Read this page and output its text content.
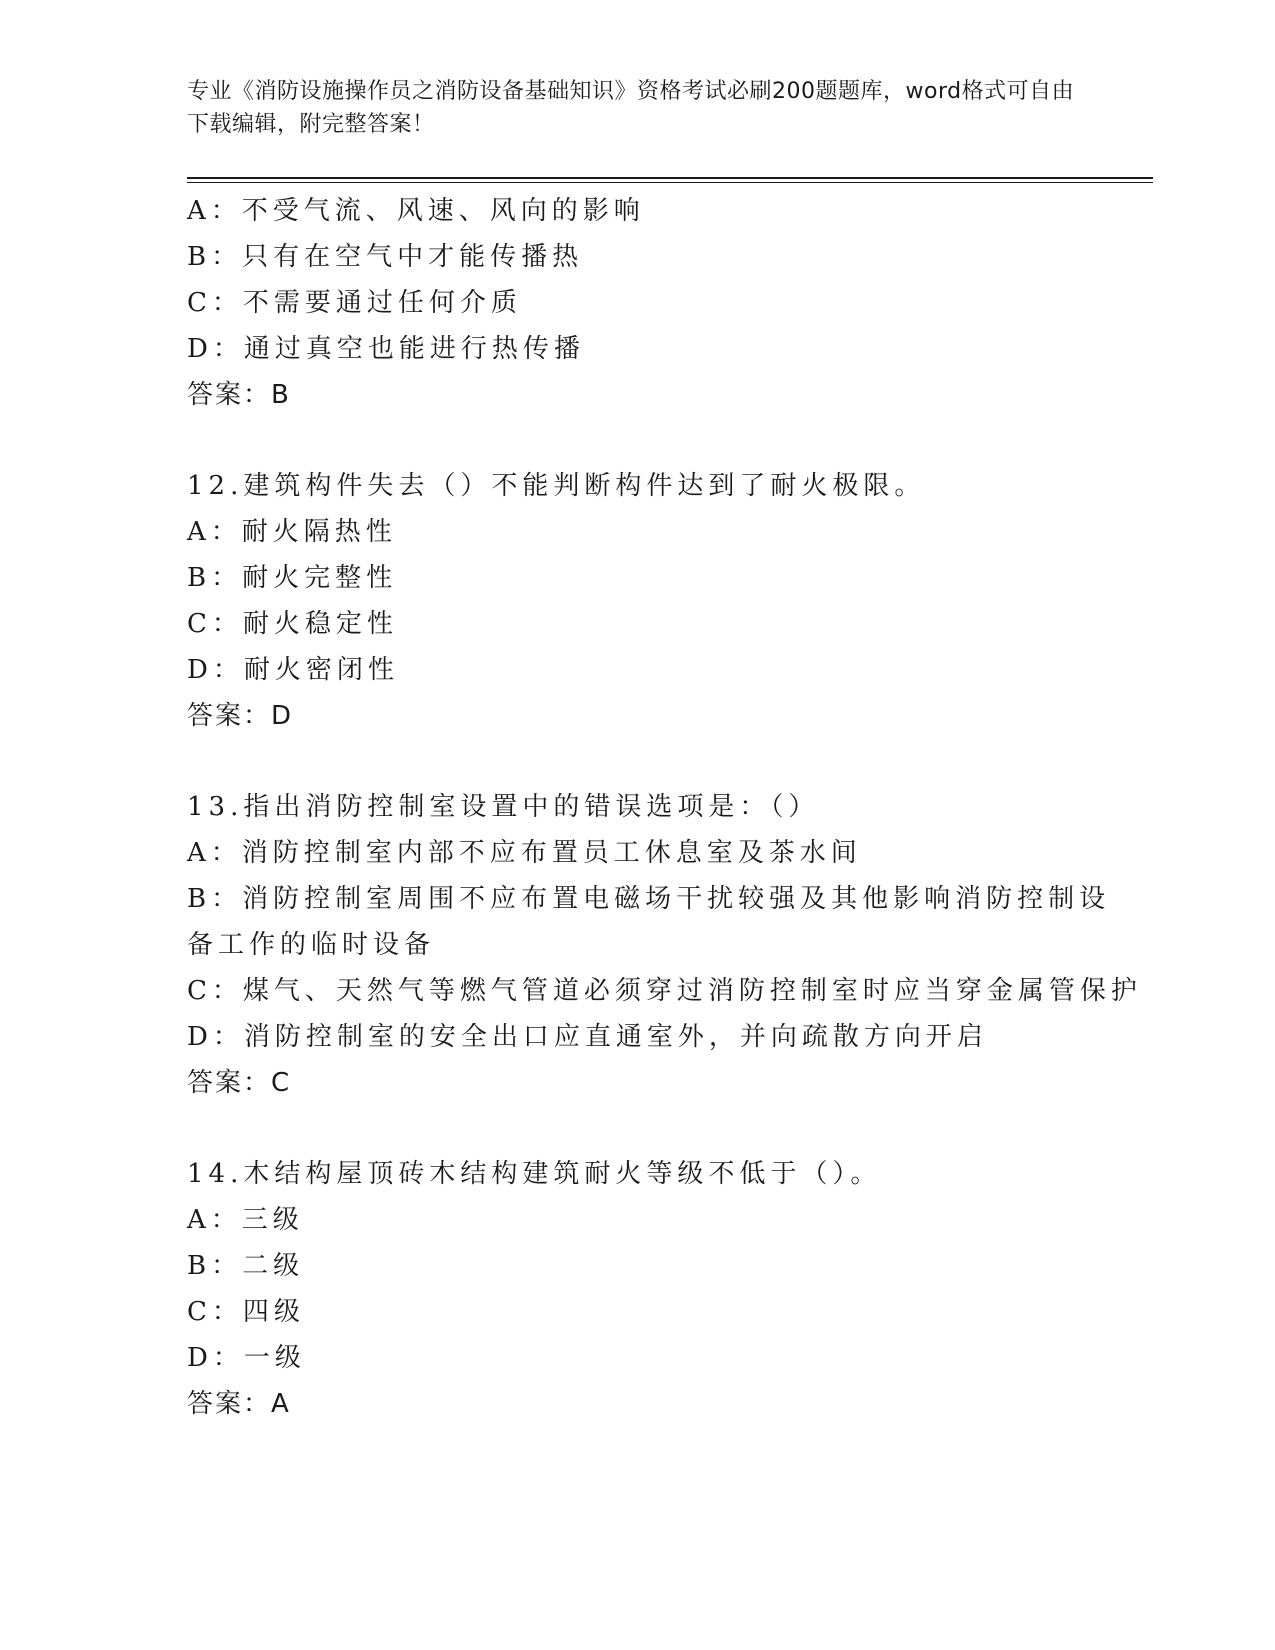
专业《消防设施操作员之消防设备基础知识》资格考试必刷200题题库，word格式可自由下载编辑，附完整答案！
A：不受气流、风速、风向的影响
B：只有在空气中才能传播热
C：不需要通过任何介质
D：通过真空也能进行热传播
答案：B
12.建筑构件失去（）不能判断构件达到了耐火极限。
A：耐火隔热性
B：耐火完整性
C：耐火稳定性
D：耐火密闭性
答案：D
13.指出消防控制室设置中的错误选项是：（）
A：消防控制室内部不应布置员工休息室及茶水间
B：消防控制室周围不应布置电磁场干扰较强及其他影响消防控制设备工作的临时设备
C：煤气、天然气等燃气管道必须穿过消防控制室时应当穿金属管保护
D：消防控制室的安全出口应直通室外，并向疏散方向开启
答案：C
14.木结构屋顶砖木结构建筑耐火等级不低于（）。
A：三级
B：二级
C：四级
D：一级
答案：A
